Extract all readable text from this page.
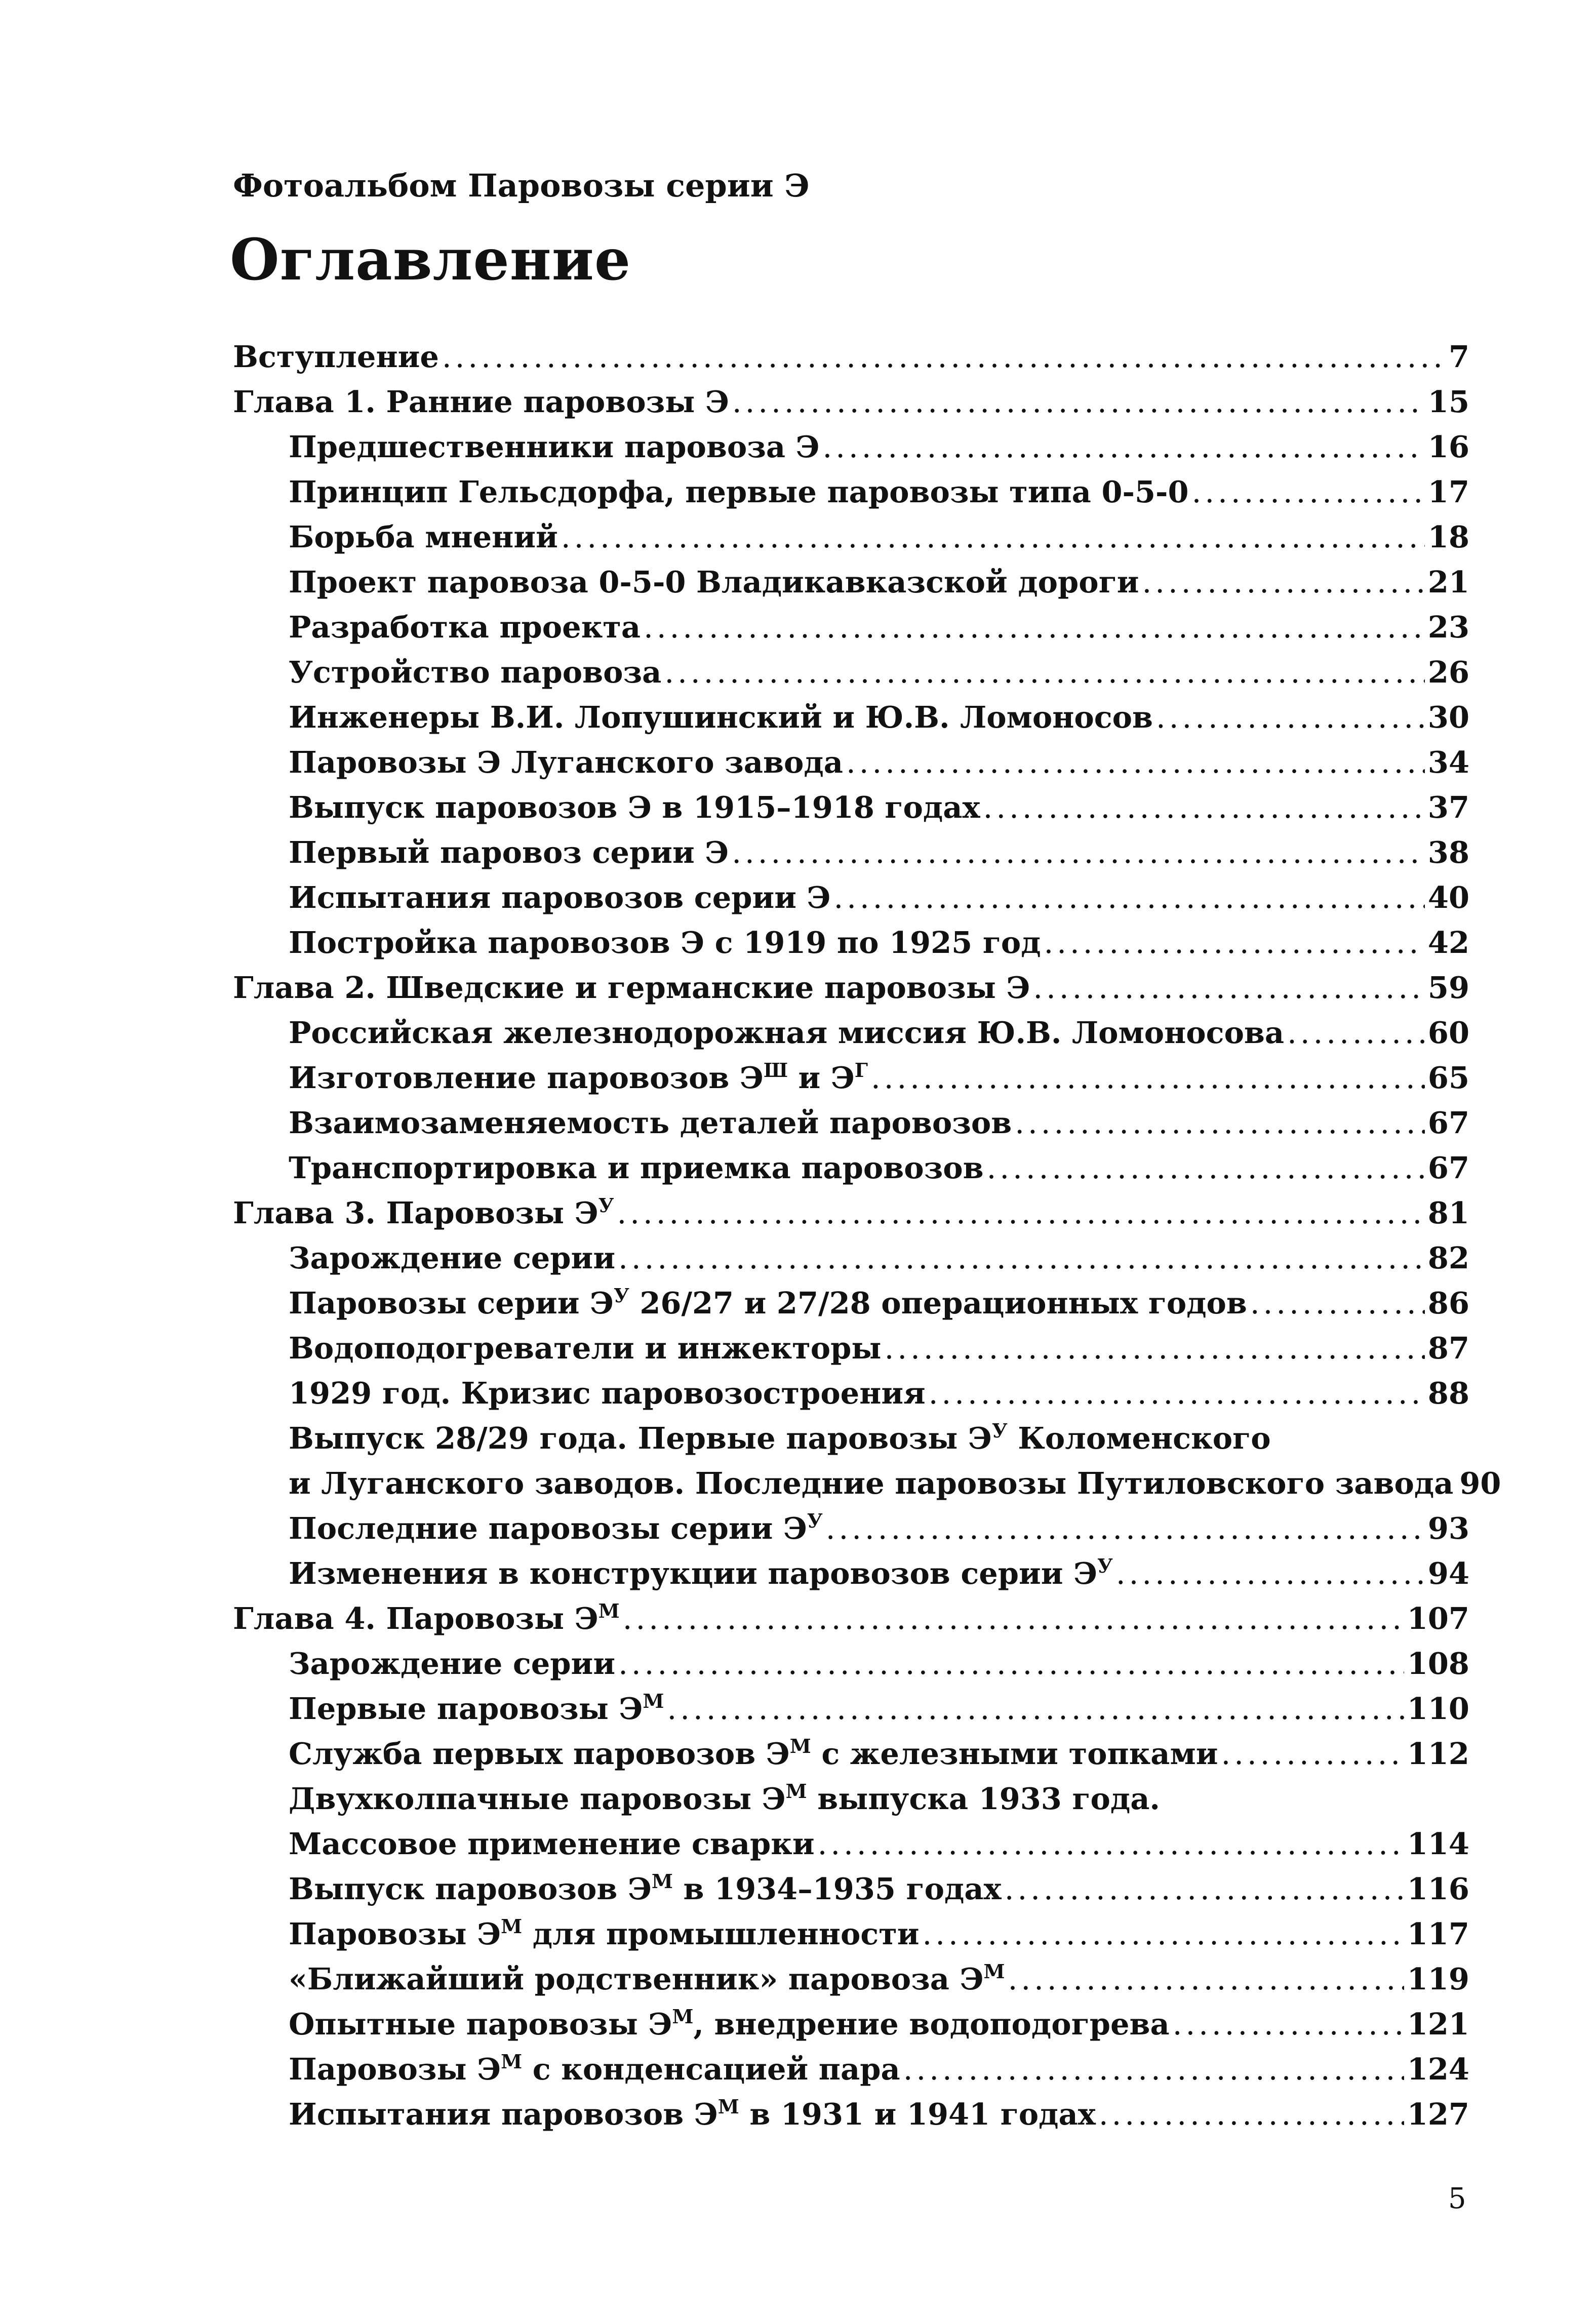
Фотоальбом Паровозы серии Э
Оглавление
Вступление .....	7
Глава 1. Ранние паровозы Э .....	15
Предшественники паровоза Э .....	16
Принцип Гельсдорфа, первые паровозы типа 0-5-0 .....	17
Борьба мнений .....	18
Проект паровоза 0-5-0 Владикавказской дороги .....	21
Разработка проекта .....	23
Устройство паровоза .....	26
Инженеры В.И. Лопушинский и Ю.В. Ломоносов .....	30
Паровозы Э Луганского завода .....	34
Выпуск паровозов Э в 1915–1918 годах .....	37
Первый паровоз серии Э .....	38
Испытания паровозов серии Э .....	40
Постройка паровозов Э с 1919 по 1925 год .....	42
Глава 2. Шведские и германские паровозы Э .....	59
Российская железнодорожная миссия Ю.В. Ломоносова .....	60
Изготовление паровозов $Э^Ш$ и $Э^Г$ .....	65
Взаимозаменяемость деталей паровозов .....	67
Транспортировка и приемка паровозов .....	67
Глава 3. Паровозы $Э^У$ .....	81
Зарождение серии .....	82
Паровозы серии $Э^У$ 26/27 и 27/28 операционных годов .....	86
Водоподогреватели и инжекторы .....	87
1929 год. Кризис паровозостроения .....	88
Выпуск 28/29 года. Первые паровозы $Э^У$ Коломенского
и Луганского заводов. Последние паровозы Путиловского завода 90
Последние паровозы серии $Э^У$ .....	93
Изменения в конструкции паровозов серии $Э^У$ .....	94
Глава 4. Паровозы $Э^М$ .....	107
Зарождение серии .....	108
Первые паровозы $Э^М$ .....	110
Служба первых паровозов $Э^М$ с железными топками .....	112
Двухколпачные паровозы $Э^М$ выпуска 1933 года.
Массовое применение сварки .....	114
Выпуск паровозов $Э^М$ в 1934–1935 годах .....	116
Паровозы $Э^М$ для промышленности .....	117
«Ближайший родственник» паровоза $Э^М$ .....	119
Опытные паровозы $Э^М$, внедрение водоподогрева .....	121
Паровозы $Э^М$ с конденсацией пара .....	124
Испытания паровозов $Э^М$ в 1931 и 1941 годах .....	127
5
